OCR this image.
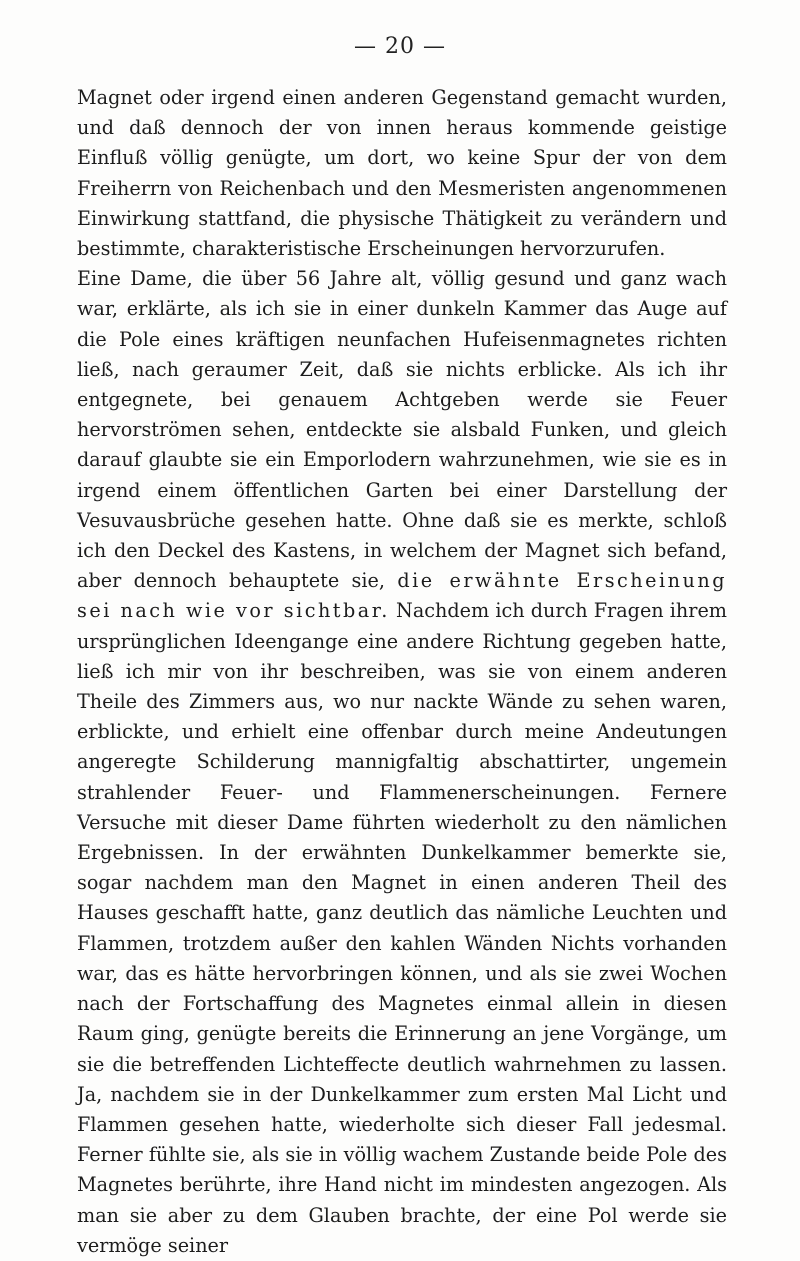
— 20 —

Magnet oder irgend einen anderen Gegenstand gemacht wurden, und daß dennoch der von innen heraus kommende geistige Einfluß völlig genügte, um dort, wo keine Spur der von dem Freiherrn von Reichenbach und den Mesmeristen angenommenen Einwirkung stattfand, die physische Thätigkeit zu verändern und bestimmte, charakteristische Erscheinungen hervorzurufen.

Eine Dame, die über 56 Jahre alt, völlig gesund und ganz wach war, erklärte, als ich sie in einer dunkeln Kammer das Auge auf die Pole eines kräftigen neunfachen Hufeisenmagnetes richten ließ, nach geraumer Zeit, daß sie nichts erblicke. Als ich ihr entgegnete, bei genauem Achtgeben werde sie Feuer hervorströmen sehen, entdeckte sie alsbald Funken, und gleich darauf glaubte sie ein Emporlodern wahrzunehmen, wie sie es in irgend einem öffentlichen Garten bei einer Darstellung der Vesuvausbrüche gesehen hatte. Ohne daß sie es merkte, schloß ich den Deckel des Kastens, in welchem der Magnet sich befand, aber dennoch behauptete sie, die erwähnte Erscheinung sei nach wie vor sichtbar. Nachdem ich durch Fragen ihrem ursprünglichen Ideengange eine andere Richtung gegeben hatte, ließ ich mir von ihr beschreiben, was sie von einem anderen Theile des Zimmers aus, wo nur nackte Wände zu sehen waren, erblickte, und erhielt eine offenbar durch meine Andeutungen angeregte Schilderung mannigfaltig abschattirter, ungemein strahlender Feuer- und Flammenerscheinungen. Fernere Versuche mit dieser Dame führten wiederholt zu den nämlichen Ergebnissen. In der erwähnten Dunkelkammer bemerkte sie, sogar nachdem man den Magnet in einen anderen Theil des Hauses geschafft hatte, ganz deutlich das nämliche Leuchten und Flammen, trotzdem außer den kahlen Wänden Nichts vorhanden war, das es hätte hervorbringen können, und als sie zwei Wochen nach der Fortschaffung des Magnetes einmal allein in diesen Raum ging, genügte bereits die Erinnerung an jene Vorgänge, um sie die betreffenden Lichteffecte deutlich wahrnehmen zu lassen. Ja, nachdem sie in der Dunkelkammer zum ersten Mal Licht und Flammen gesehen hatte, wiederholte sich dieser Fall jedesmal. Ferner fühlte sie, als sie in völlig wachem Zustande beide Pole des Magnetes berührte, ihre Hand nicht im mindesten angezogen. Als man sie aber zu dem Glauben brachte, der eine Pol werde sie vermöge seiner
